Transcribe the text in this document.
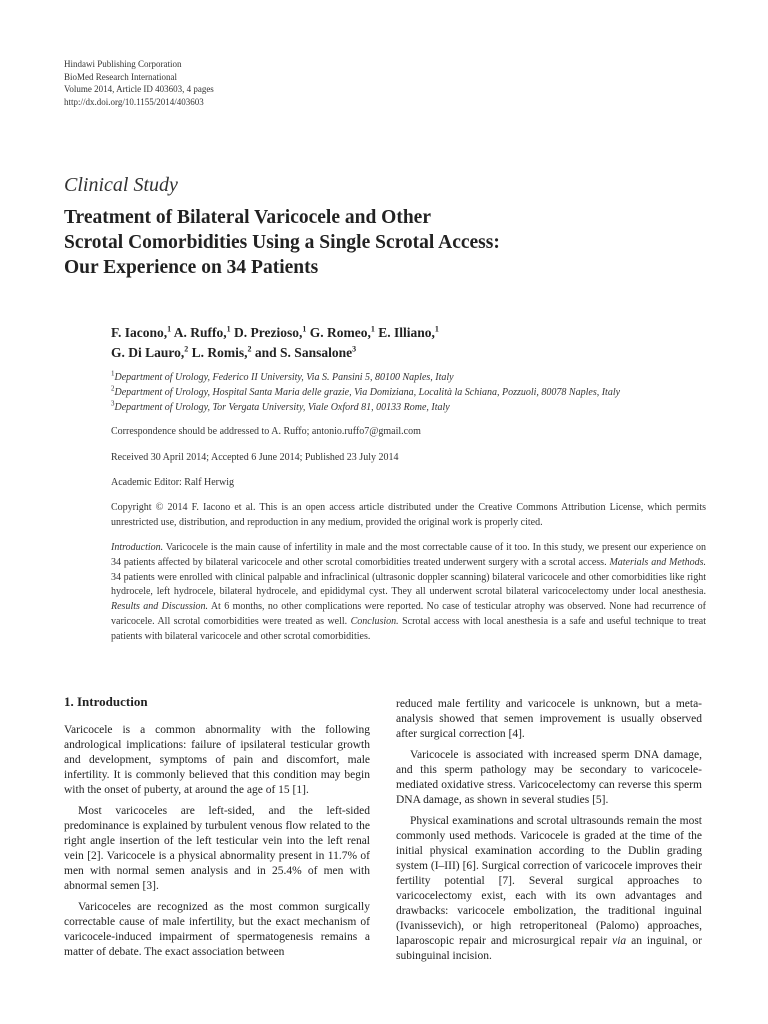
Hindawi Publishing Corporation
BioMed Research International
Volume 2014, Article ID 403603, 4 pages
http://dx.doi.org/10.1155/2014/403603
Clinical Study
Treatment of Bilateral Varicocele and Other
Scrotal Comorbidities Using a Single Scrotal Access:
Our Experience on 34 Patients
F. Iacono,$^1$ A. Ruffo,$^1$ D. Prezioso,$^1$ G. Romeo,$^1$ E. Illiano,$^1$
G. Di Lauro,$^2$ L. Romis,$^2$ and S. Sansalone$^3$
$^1$Department of Urology, Federico II University, Via S. Pansini 5, 80100 Naples, Italy
$^2$Department of Urology, Hospital Santa Maria delle grazie, Via Domiziana, Località la Schiana, Pozzuoli, 80078 Naples, Italy
$^3$Department of Urology, Tor Vergata University, Viale Oxford 81, 00133 Rome, Italy
Correspondence should be addressed to A. Ruffo; antonio.ruffo7@gmail.com
Received 30 April 2014; Accepted 6 June 2014; Published 23 July 2014
Academic Editor: Ralf Herwig
Copyright © 2014 F. Iacono et al. This is an open access article distributed under the Creative Commons Attribution License, which permits unrestricted use, distribution, and reproduction in any medium, provided the original work is properly cited.
Introduction. Varicocele is the main cause of infertility in male and the most correctable cause of it too. In this study, we present our experience on 34 patients affected by bilateral varicocele and other scrotal comorbidities treated underwent surgery with a scrotal access. Materials and Methods. 34 patients were enrolled with clinical palpable and infraclinical (ultrasonic doppler scanning) bilateral varicocele and other comorbidities like right hydrocele, left hydrocele, bilateral hydrocele, and epididymal cyst. They all underwent scrotal bilateral varicocelectomy under local anesthesia. Results and Discussion. At 6 months, no other complications were reported. No case of testicular atrophy was observed. None had recurrence of varicocele. All scrotal comorbidities were treated as well. Conclusion. Scrotal access with local anesthesia is a safe and useful technique to treat patients with bilateral varicocele and other scrotal comorbidities.
1. Introduction

Varicocele is a common abnormality with the following andrological implications: failure of ipsilateral testicular growth and development, symptoms of pain and discomfort, male infertility. It is commonly believed that this condition may begin with the onset of puberty, at around the age of 15 [1].

Most varicoceles are left-sided, and the left-sided predominance is explained by turbulent venous flow related to the right angle insertion of the left testicular vein into the left renal vein [2]. Varicocele is a physical abnormality present in 11.7% of men with normal semen analysis and in 25.4% of men with abnormal semen [3].

Varicoceles are recognized as the most common surgically correctable cause of male infertility, but the exact mechanism of varicocele-induced impairment of spermatogenesis remains a matter of debate. The exact association between

reduced male fertility and varicocele is unknown, but a meta-analysis showed that semen improvement is usually observed after surgical correction [4].

Varicocele is associated with increased sperm DNA damage, and this sperm pathology may be secondary to varicocele-mediated oxidative stress. Varicocelectomy can reverse this sperm DNA damage, as shown in several studies [5].

Physical examinations and scrotal ultrasounds remain the most commonly used methods. Varicocele is graded at the time of the initial physical examination according to the Dublin grading system (I–III) [6]. Surgical correction of varicocele improves their fertility potential [7]. Several surgical approaches to varicocelectomy exist, each with its own advantages and drawbacks: varicocele embolization, the traditional inguinal (Ivanissevich), or high retroperitoneal (Palomo) approaches, laparoscopic repair and microsurgical repair via an inguinal, or subinguinal incision.
